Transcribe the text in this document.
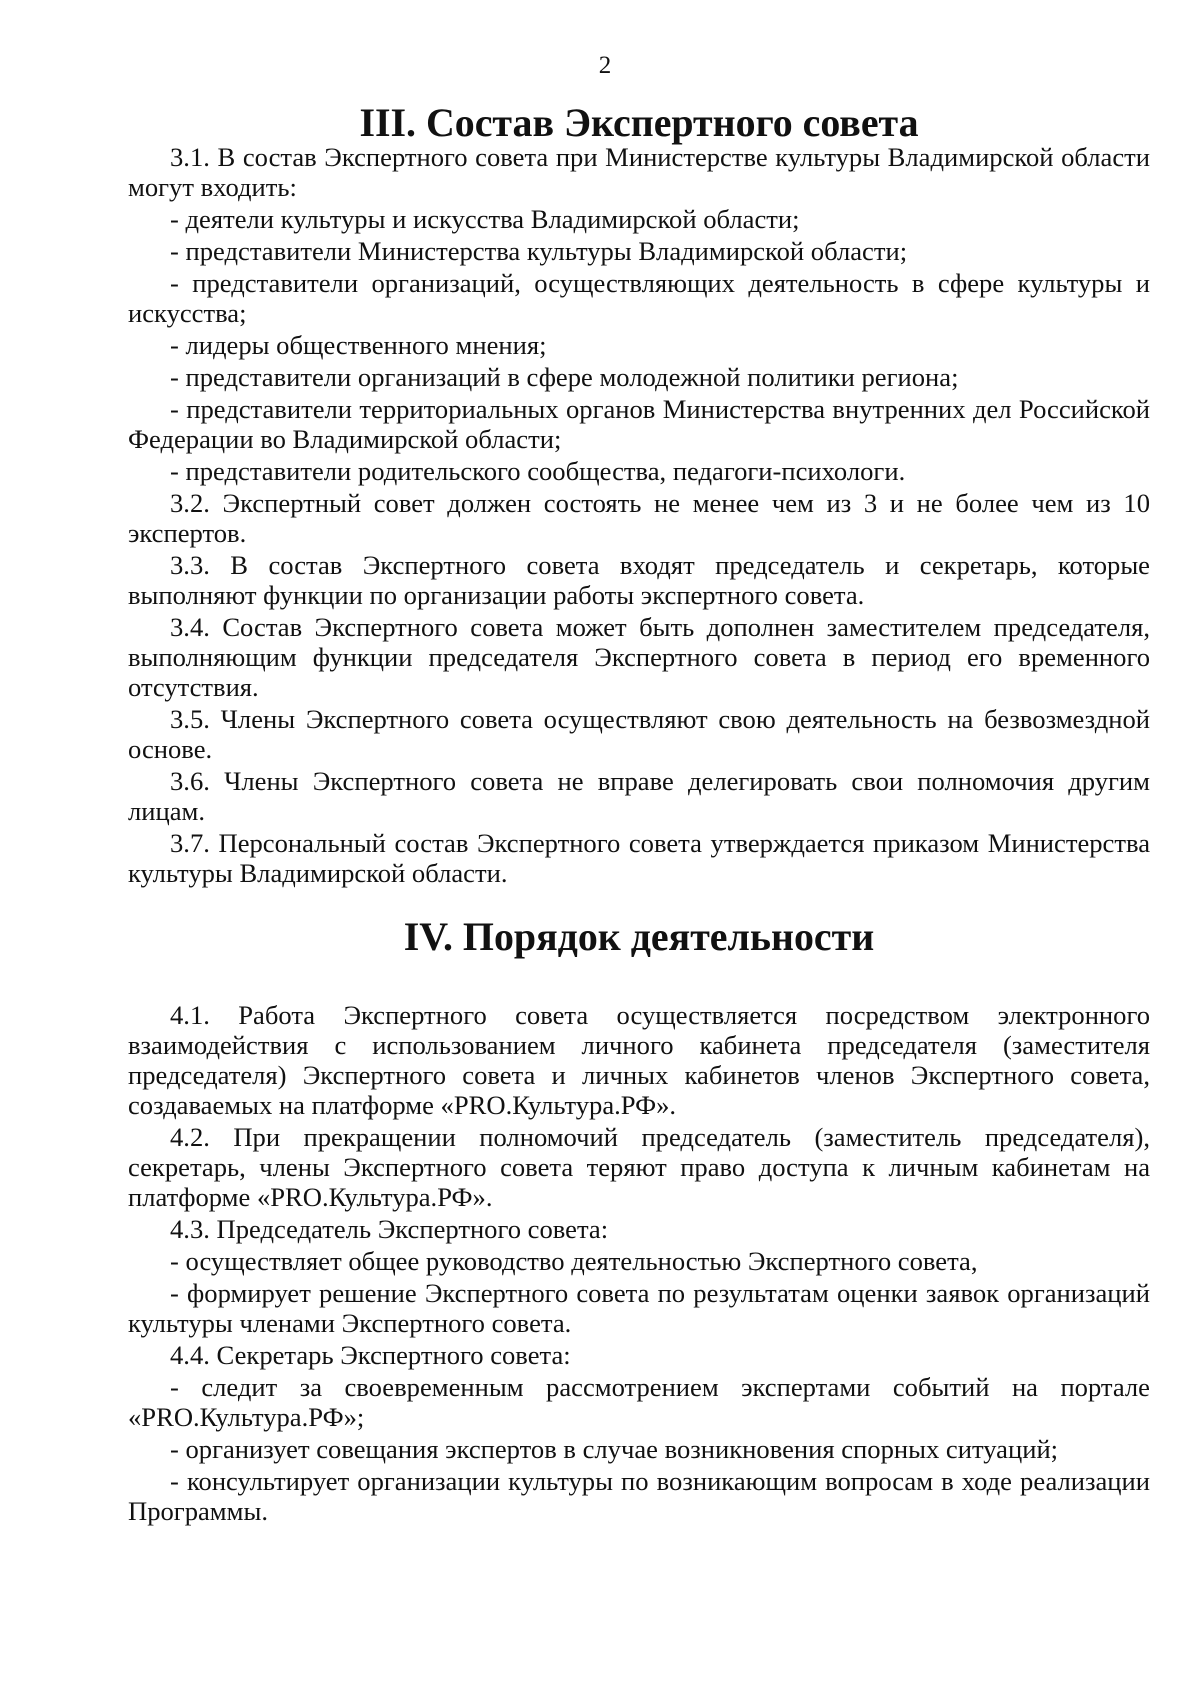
2
III. Состав Экспертного совета

3.1. В состав Экспертного совета при Министерстве культуры Владимирской области могут входить:

- деятели культуры и искусства Владимирской области;

- представители Министерства культуры Владимирской области;

- представители организаций, осуществляющих деятельность в сфере культуры и искусства;

- лидеры общественного мнения;

- представители организаций в сфере молодежной политики региона;

- представители территориальных органов Министерства внутренних дел Российской Федерации во Владимирской области;

- представители родительского сообщества, педагоги-психологи.

3.2. Экспертный совет должен состоять не менее чем из 3 и не более чем из 10 экспертов.

3.3. В состав Экспертного совета входят председатель и секретарь, которые выполняют функции по организации работы экспертного совета.

3.4. Состав Экспертного совета может быть дополнен заместителем председателя, выполняющим функции председателя Экспертного совета в период его временного отсутствия.

3.5. Члены Экспертного совета осуществляют свою деятельность на безвозмездной основе.

3.6. Члены Экспертного совета не вправе делегировать свои полномочия другим лицам.

3.7. Персональный состав Экспертного совета утверждается приказом Министерства культуры Владимирской области.

IV. Порядок деятельности

4.1. Работа Экспертного совета осуществляется посредством электронного взаимодействия с использованием личного кабинета председателя (заместителя председателя) Экспертного совета и личных кабинетов членов Экспертного совета, создаваемых на платформе «PRO.Культура.РФ».

4.2. При прекращении полномочий председатель (заместитель председателя), секретарь, члены Экспертного совета теряют право доступа к личным кабинетам на платформе «PRO.Культура.РФ».

4.3. Председатель Экспертного совета:

- осуществляет общее руководство деятельностью Экспертного совета,

- формирует решение Экспертного совета по результатам оценки заявок организаций культуры членами Экспертного совета.

4.4. Секретарь Экспертного совета:

- следит за своевременным рассмотрением экспертами событий на портале «PRO.Культура.РФ»;

- организует совещания экспертов в случае возникновения спорных ситуаций;

- консультирует организации культуры по возникающим вопросам в ходе реализации Программы.
